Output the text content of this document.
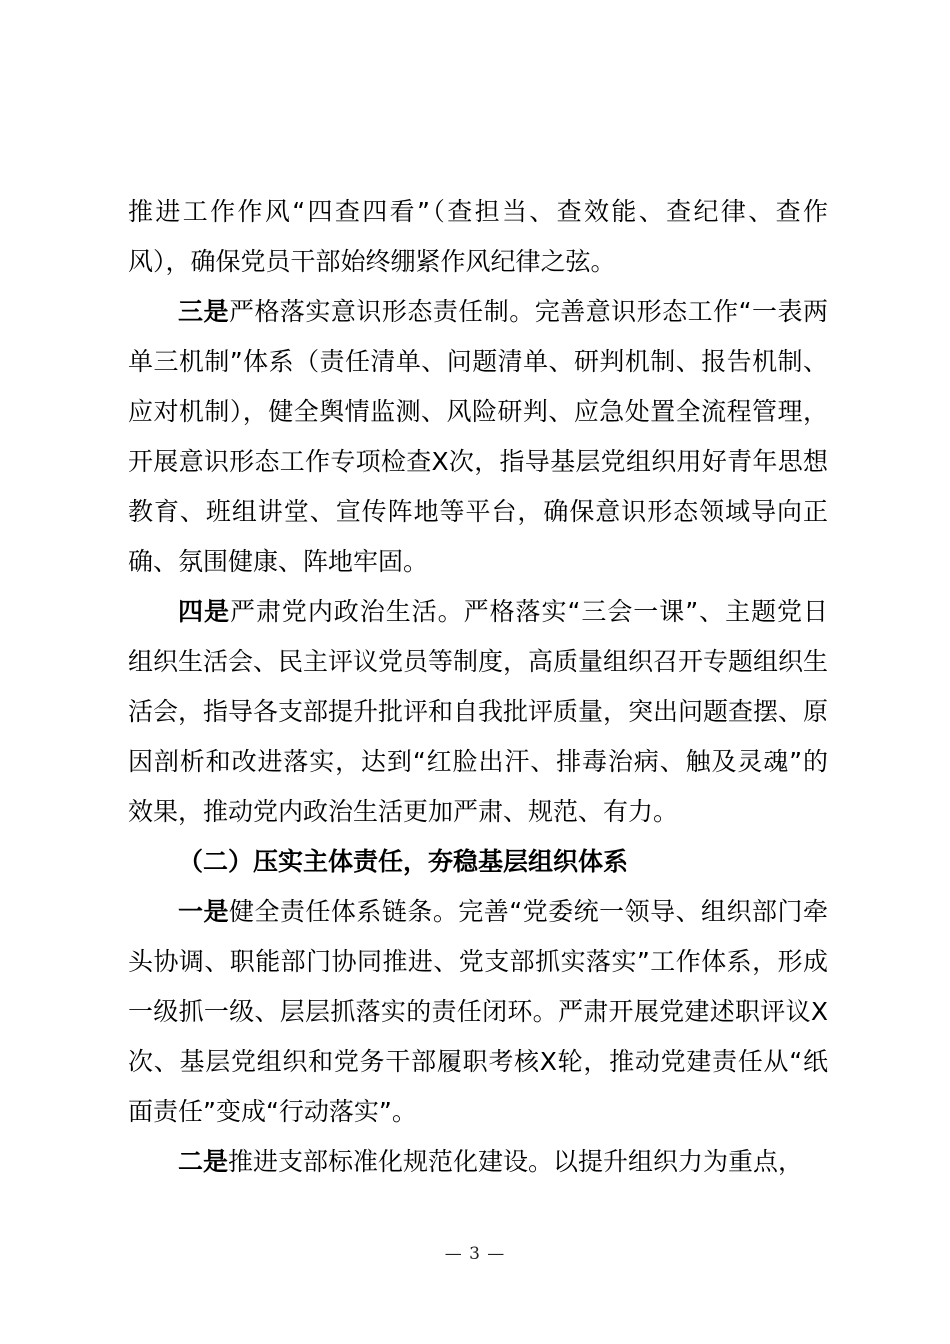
推进工作作风“四查四看”（查担当、查效能、查纪律、查作风），确保党员干部始终绷紧作风纪律之弦。

三是严格落实意识形态责任制。完善意识形态工作“一表两单三机制”体系（责任清单、问题清单、研判机制、报告机制、应对机制），健全舆情监测、风险研判、应急处置全流程管理，开展意识形态工作专项检查X次，指导基层党组织用好青年思想教育、班组讲堂、宣传阵地等平台，确保意识形态领域导向正确、氛围健康、阵地牢固。

四是严肃党内政治生活。严格落实“三会一课”、主题党日组织生活会、民主评议党员等制度，高质量组织召开专题组织生活会，指导各支部提升批评和自我批评质量，突出问题查摆、原因剖析和改进落实，达到“红脸出汗、排毒治病、触及灵魂”的效果，推动党内政治生活更加严肃、规范、有力。

（二）压实主体责任，夯稳基层组织体系

一是健全责任体系链条。完善“党委统一领导、组织部门牵头协调、职能部门协同推进、党支部抓实落实”工作体系，形成一级抓一级、层层抓落实的责任闭环。严肃开展党建述职评议X次、基层党组织和党务干部履职考核X轮，推动党建责任从“纸面责任”变成“行动落实”。

二是推进支部标准化规范化建设。以提升组织力为重点，

— 3 —
